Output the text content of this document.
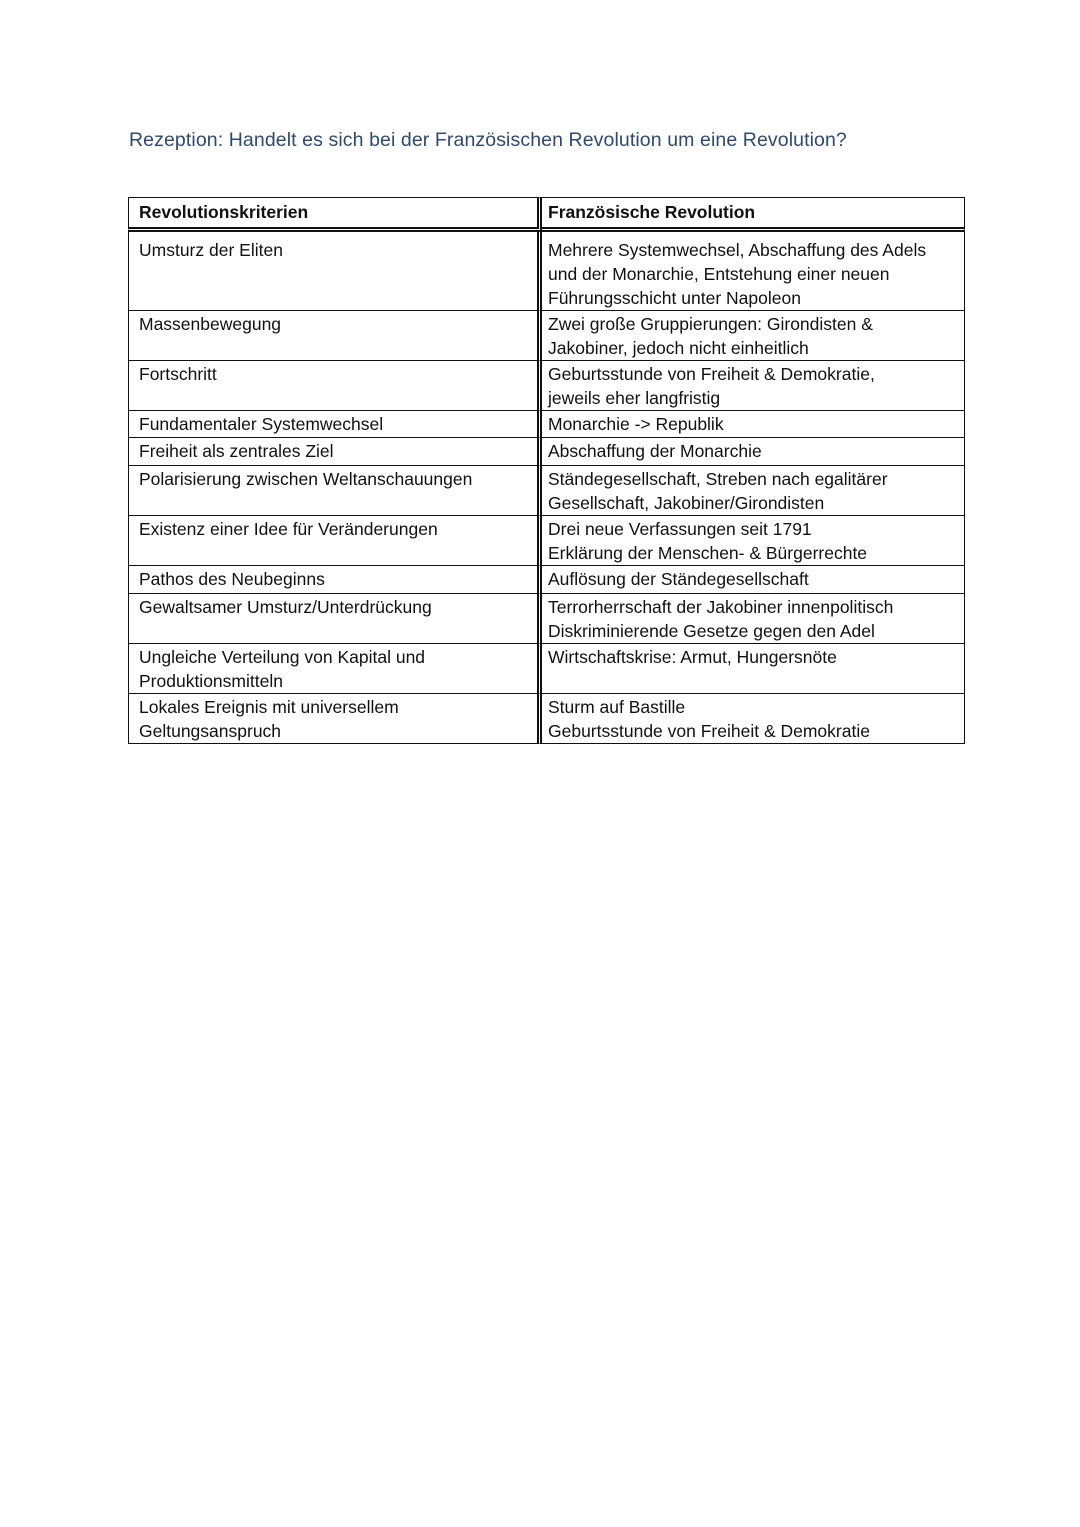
Rezeption: Handelt es sich bei der Französischen Revolution um eine Revolution?
Revolutionskriterien	Französische Revolution

Umsturz der Eliten	Mehrere Systemwechsel, Abschaffung des Adels
und der Monarchie, Entstehung einer neuen
Führungsschicht unter Napoleon

Massenbewegung	Zwei große Gruppierungen: Girondisten &
Jakobiner, jedoch nicht einheitlich

Fortschritt	Geburtsstunde von Freiheit & Demokratie,
jeweils eher langfristig

Fundamentaler Systemwechsel	Monarchie -> Republik

Freiheit als zentrales Ziel	Abschaffung der Monarchie

Polarisierung zwischen Weltanschauungen	Ständegesellschaft, Streben nach egalitärer
Gesellschaft, Jakobiner/Girondisten

Existenz einer Idee für Veränderungen	Drei neue Verfassungen seit 1791
Erklärung der Menschen- & Bürgerrechte

Pathos des Neubeginns	Auflösung der Ständegesellschaft

Gewaltsamer Umsturz/Unterdrückung	Terrorherrschaft der Jakobiner innenpolitisch
Diskriminierende Gesetze gegen den Adel

Ungleiche Verteilung von Kapital und
Produktionsmitteln	Wirtschaftskrise: Armut, Hungersnöte

Lokales Ereignis mit universellem
Geltungsanspruch	Sturm auf Bastille
Geburtsstunde von Freiheit & Demokratie
